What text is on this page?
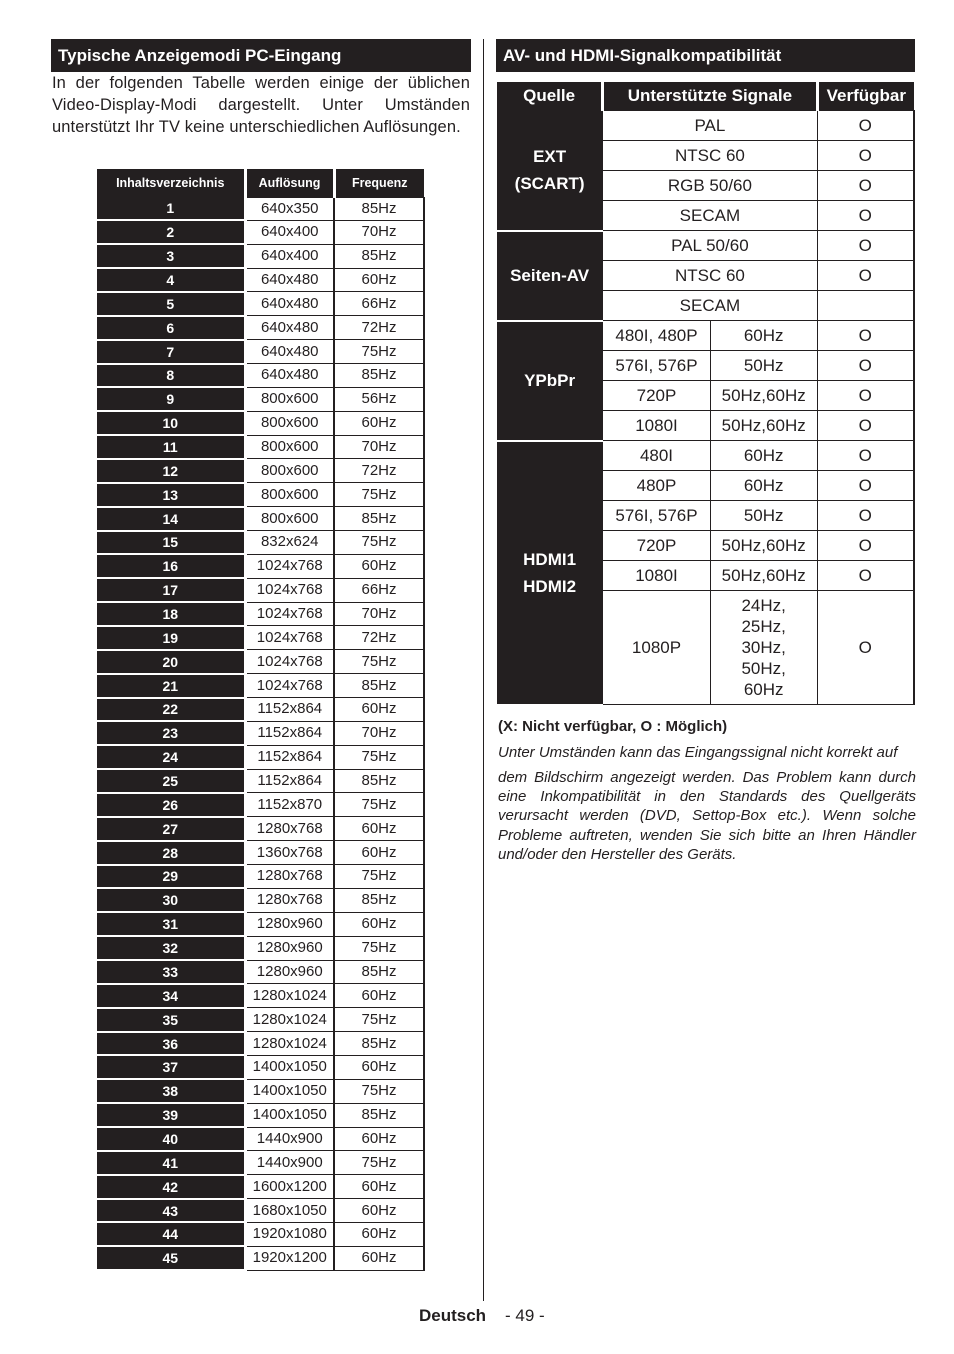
Typische Anzeigemodi PC-Eingang
In der folgenden Tabelle werden einige der üblichen Video-Display-Modi dargestellt. Unter Umständen unterstützt Ihr TV keine unterschiedlichen Auflösungen.
Inhaltsverzeichnis	Auflösung	Frequenz
1	640x350	85Hz
2	640x400	70Hz
3	640x400	85Hz
4	640x480	60Hz
5	640x480	66Hz
6	640x480	72Hz
7	640x480	75Hz
8	640x480	85Hz
9	800x600	56Hz
10	800x600	60Hz
11	800x600	70Hz
12	800x600	72Hz
13	800x600	75Hz
14	800x600	85Hz
15	832x624	75Hz
16	1024x768	60Hz
17	1024x768	66Hz
18	1024x768	70Hz
19	1024x768	72Hz
20	1024x768	75Hz
21	1024x768	85Hz
22	1152x864	60Hz
23	1152x864	70Hz
24	1152x864	75Hz
25	1152x864	85Hz
26	1152x870	75Hz
27	1280x768	60Hz
28	1360x768	60Hz
29	1280x768	75Hz
30	1280x768	85Hz
31	1280x960	60Hz
32	1280x960	75Hz
33	1280x960	85Hz
34	1280x1024	60Hz
35	1280x1024	75Hz
36	1280x1024	85Hz
37	1400x1050	60Hz
38	1400x1050	75Hz
39	1400x1050	85Hz
40	1440x900	60Hz
41	1440x900	75Hz
42	1600x1200	60Hz
43	1680x1050	60Hz
44	1920x1080	60Hz
45	1920x1200	60Hz
AV- und HDMI-Signalkompatibilität
Quelle	Unterstützte Signale		Verfügbar

EXT
(SCART)	PAL		O
	NTSC 60		O
	RGB 50/60		O
	SECAM		O

Seiten-AV	PAL 50/60		O
	NTSC 60		O
	SECAM		

YPbPr	480I, 480P	60Hz	O
	576I, 576P	50Hz	O
	720P	50Hz,60Hz	O
	1080I	50Hz,60Hz	O

HDMI1
HDMI2	480I	60Hz	O
	480P	60Hz	O
	576I, 576P	50Hz	O
	720P	50Hz,60Hz	O
	1080I	50Hz,60Hz	O
	1080P	24Hz,
25Hz,
30Hz,
50Hz,
60Hz	O
(X: Nicht verfügbar, O : Möglich)
Unter Umständen kann das Eingangssignal nicht korrekt auf
dem Bildschirm angezeigt werden. Das Problem kann durch eine Inkompatibilität in den Standards des Quellgeräts verursacht werden (DVD, Settop-Box etc.). Wenn solche Probleme auftreten, wenden Sie sich bitte an Ihren Händler und/oder den Hersteller des Geräts.
Deutsch - 49 -
